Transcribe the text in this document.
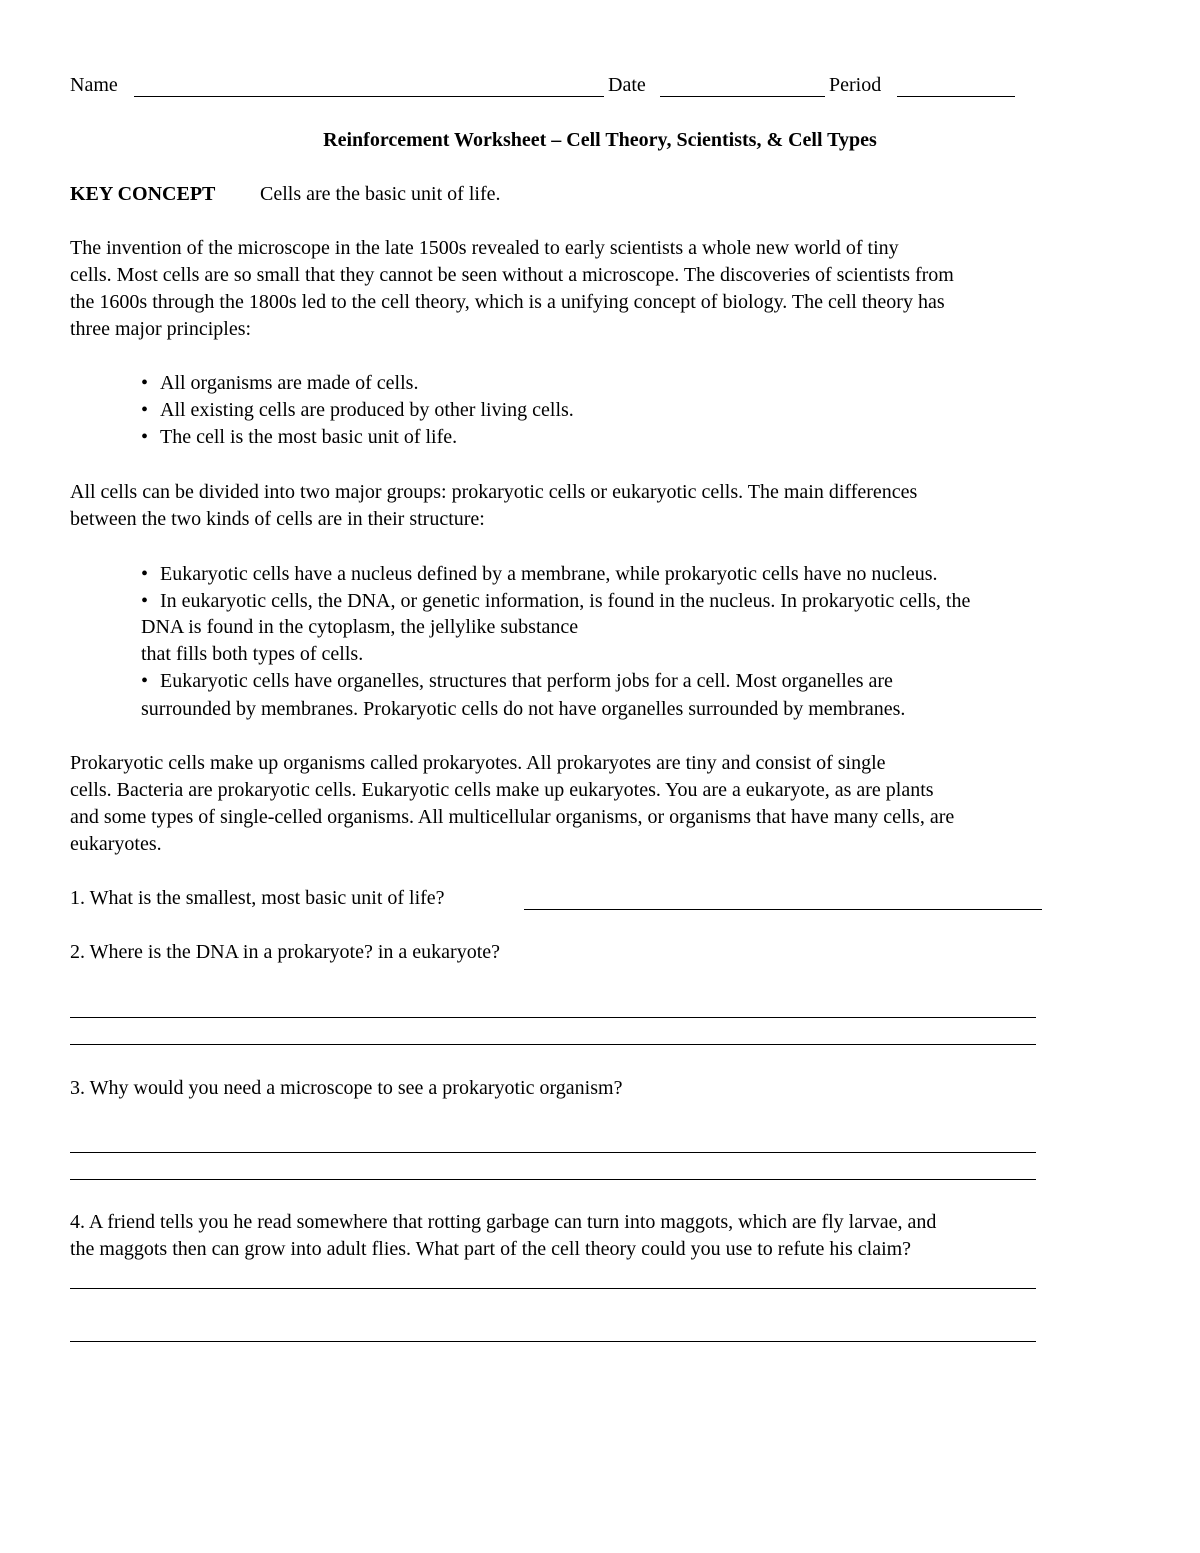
Name	Date	Period
Reinforcement Worksheet – Cell Theory, Scientists, & Cell Types
KEY CONCEPT Cells are the basic unit of life.
The invention of the microscope in the late 1500s revealed to early scientists a whole new world of tiny
cells. Most cells are so small that they cannot be seen without a microscope. The discoveries of scientists from
the 1600s through the 1800s led to the cell theory, which is a unifying concept of biology. The cell theory has
three major principles:
• All organisms are made of cells.
• All existing cells are produced by other living cells.
• The cell is the most basic unit of life.
All cells can be divided into two major groups: prokaryotic cells or eukaryotic cells. The main differences
between the two kinds of cells are in their structure:
• Eukaryotic cells have a nucleus defined by a membrane, while prokaryotic cells have no nucleus.
• In eukaryotic cells, the DNA, or genetic information, is found in the nucleus. In prokaryotic cells, the
DNA is found in the cytoplasm, the jellylike substance
that fills both types of cells.
• Eukaryotic cells have organelles, structures that perform jobs for a cell. Most organelles are
surrounded by membranes. Prokaryotic cells do not have organelles surrounded by membranes.
Prokaryotic cells make up organisms called prokaryotes. All prokaryotes are tiny and consist of single
cells. Bacteria are prokaryotic cells. Eukaryotic cells make up eukaryotes. You are a eukaryote, as are plants
and some types of single-celled organisms. All multicellular organisms, or organisms that have many cells, are
eukaryotes.
1. What is the smallest, most basic unit of life?
2. Where is the DNA in a prokaryote? in a eukaryote?
3. Why would you need a microscope to see a prokaryotic organism?
4. A friend tells you he read somewhere that rotting garbage can turn into maggots, which are fly larvae, and
the maggots then can grow into adult flies. What part of the cell theory could you use to refute his claim?
